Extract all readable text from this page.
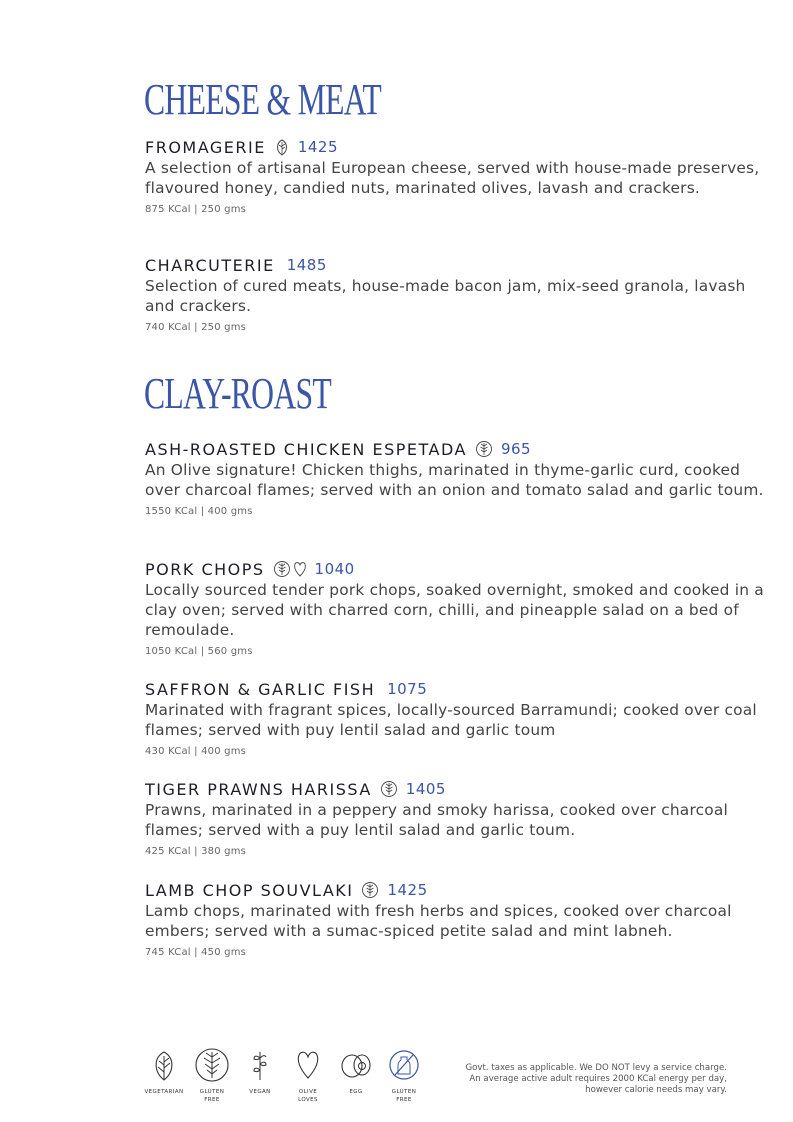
CHEESE & MEAT
FROMAGERIE 1425
A selection of artisanal European cheese, served with house-made preserves, flavoured honey, candied nuts, marinated olives, lavash and crackers.
875 KCal | 250 gms
CHARCUTERIE 1485
Selection of cured meats, house-made bacon jam, mix-seed granola, lavash and crackers.
740 KCal | 250 gms
CLAY-ROAST
ASH-ROASTED CHICKEN ESPETADA 965
An Olive signature! Chicken thighs, marinated in thyme-garlic curd, cooked over charcoal flames; served with an onion and tomato salad and garlic toum.
1550 KCal | 400 gms
PORK CHOPS	1040
Locally sourced tender pork chops, soaked overnight, smoked and cooked in a clay oven; served with charred corn, chilli, and pineapple salad on a bed of remoulade.
1050 KCal | 560 gms
SAFFRON & GARLIC FISH 1075
Marinated with fragrant spices, locally-sourced Barramundi; cooked over coal flames; served with puy lentil salad and garlic toum
430 KCal | 400 gms
TIGER PRAWNS HARISSA 1405
Prawns, marinated in a peppery and smoky harissa, cooked over charcoal flames; served with a puy lentil salad and garlic toum.
425 KCal | 380 gms
LAMB CHOP SOUVLAKI 1425
Lamb chops, marinated with fresh herbs and spices, cooked over charcoal embers; served with a sumac-spiced petite salad and mint labneh.
745 KCal | 450 gms
VEGETARIAN	GLUTEN FREE
VEGAN	OLIVE LOVES
EGG	GLUTEN FREE
Govt. taxes as applicable. We DO NOT levy a service charge.
An average active adult requires 2000 KCal energy per day,
however calorie needs may vary.
